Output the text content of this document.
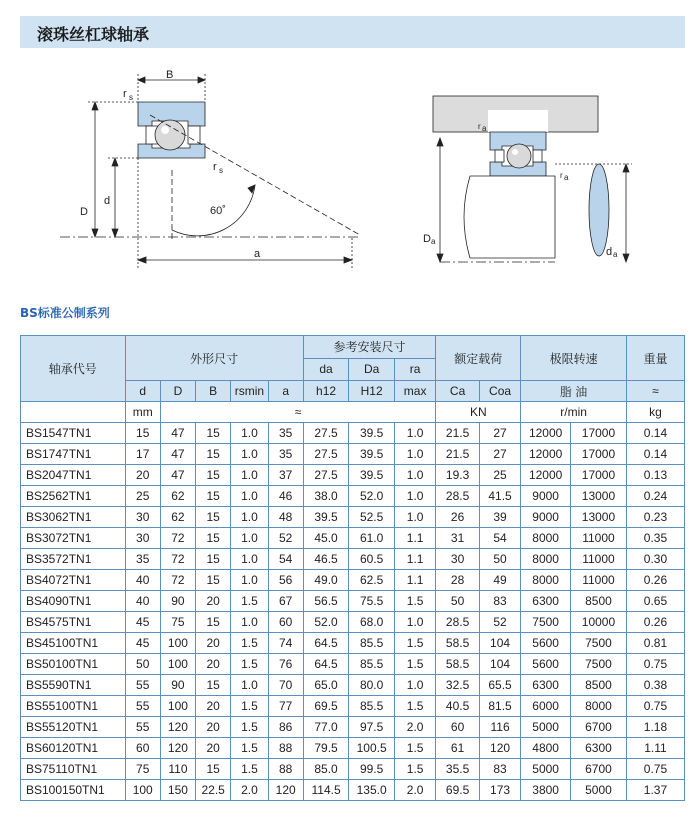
滚珠丝杠球轴承
B
r s
r s
D
d
60˚
a
r a
r a
D a
d a
BS标准公制系列
轴承代号	外形尺寸					参考安装尺寸			额定载荷		极限转速		重量
						da	Da	ra					
	d	D	B	rsmin	a	h12	H12	max	Ca	Coa	脂 油		≈
	mm	≈							KN		r/min		kg
BS1547TN1	15	47	15	1.0	35	27.5	39.5	1.0	21.5	27	12000	17000	0.14
BS1747TN1	17	47	15	1.0	35	27.5	39.5	1.0	21.5	27	12000	17000	0.14
BS2047TN1	20	47	15	1.0	37	27.5	39.5	1.0	19.3	25	12000	17000	0.13
BS2562TN1	25	62	15	1.0	46	38.0	52.0	1.0	28.5	41.5	9000	13000	0.24
BS3062TN1	30	62	15	1.0	48	39.5	52.5	1.0	26	39	9000	13000	0.23
BS3072TN1	30	72	15	1.0	52	45.0	61.0	1.1	31	54	8000	11000	0.35
BS3572TN1	35	72	15	1.0	54	46.5	60.5	1.1	30	50	8000	11000	0.30
BS4072TN1	40	72	15	1.0	56	49.0	62.5	1.1	28	49	8000	11000	0.26
BS4090TN1	40	90	20	1.5	67	56.5	75.5	1.5	50	83	6300	8500	0.65
BS4575TN1	45	75	15	1.0	60	52.0	68.0	1.0	28.5	52	7500	10000	0.26
BS45100TN1	45	100	20	1.5	74	64.5	85.5	1.5	58.5	104	5600	7500	0.81
BS50100TN1	50	100	20	1.5	76	64.5	85.5	1.5	58.5	104	5600	7500	0.75
BS5590TN1	55	90	15	1.0	70	65.0	80.0	1.0	32.5	65.5	6300	8500	0.38
BS55100TN1	55	100	20	1.5	77	69.5	85.5	1.5	40.5	81.5	6000	8000	0.75
BS55120TN1	55	120	20	1.5	86	77.0	97.5	2.0	60	116	5000	6700	1.18
BS60120TN1	60	120	20	1.5	88	79.5	100.5	1.5	61	120	4800	6300	1.11
BS75110TN1	75	110	15	1.5	88	85.0	99.5	1.5	35.5	83	5000	6700	0.75
BS100150TN1	100	150	22.5	2.0	120	114.5	135.0	2.0	69.5	173	3800	5000	1.37
